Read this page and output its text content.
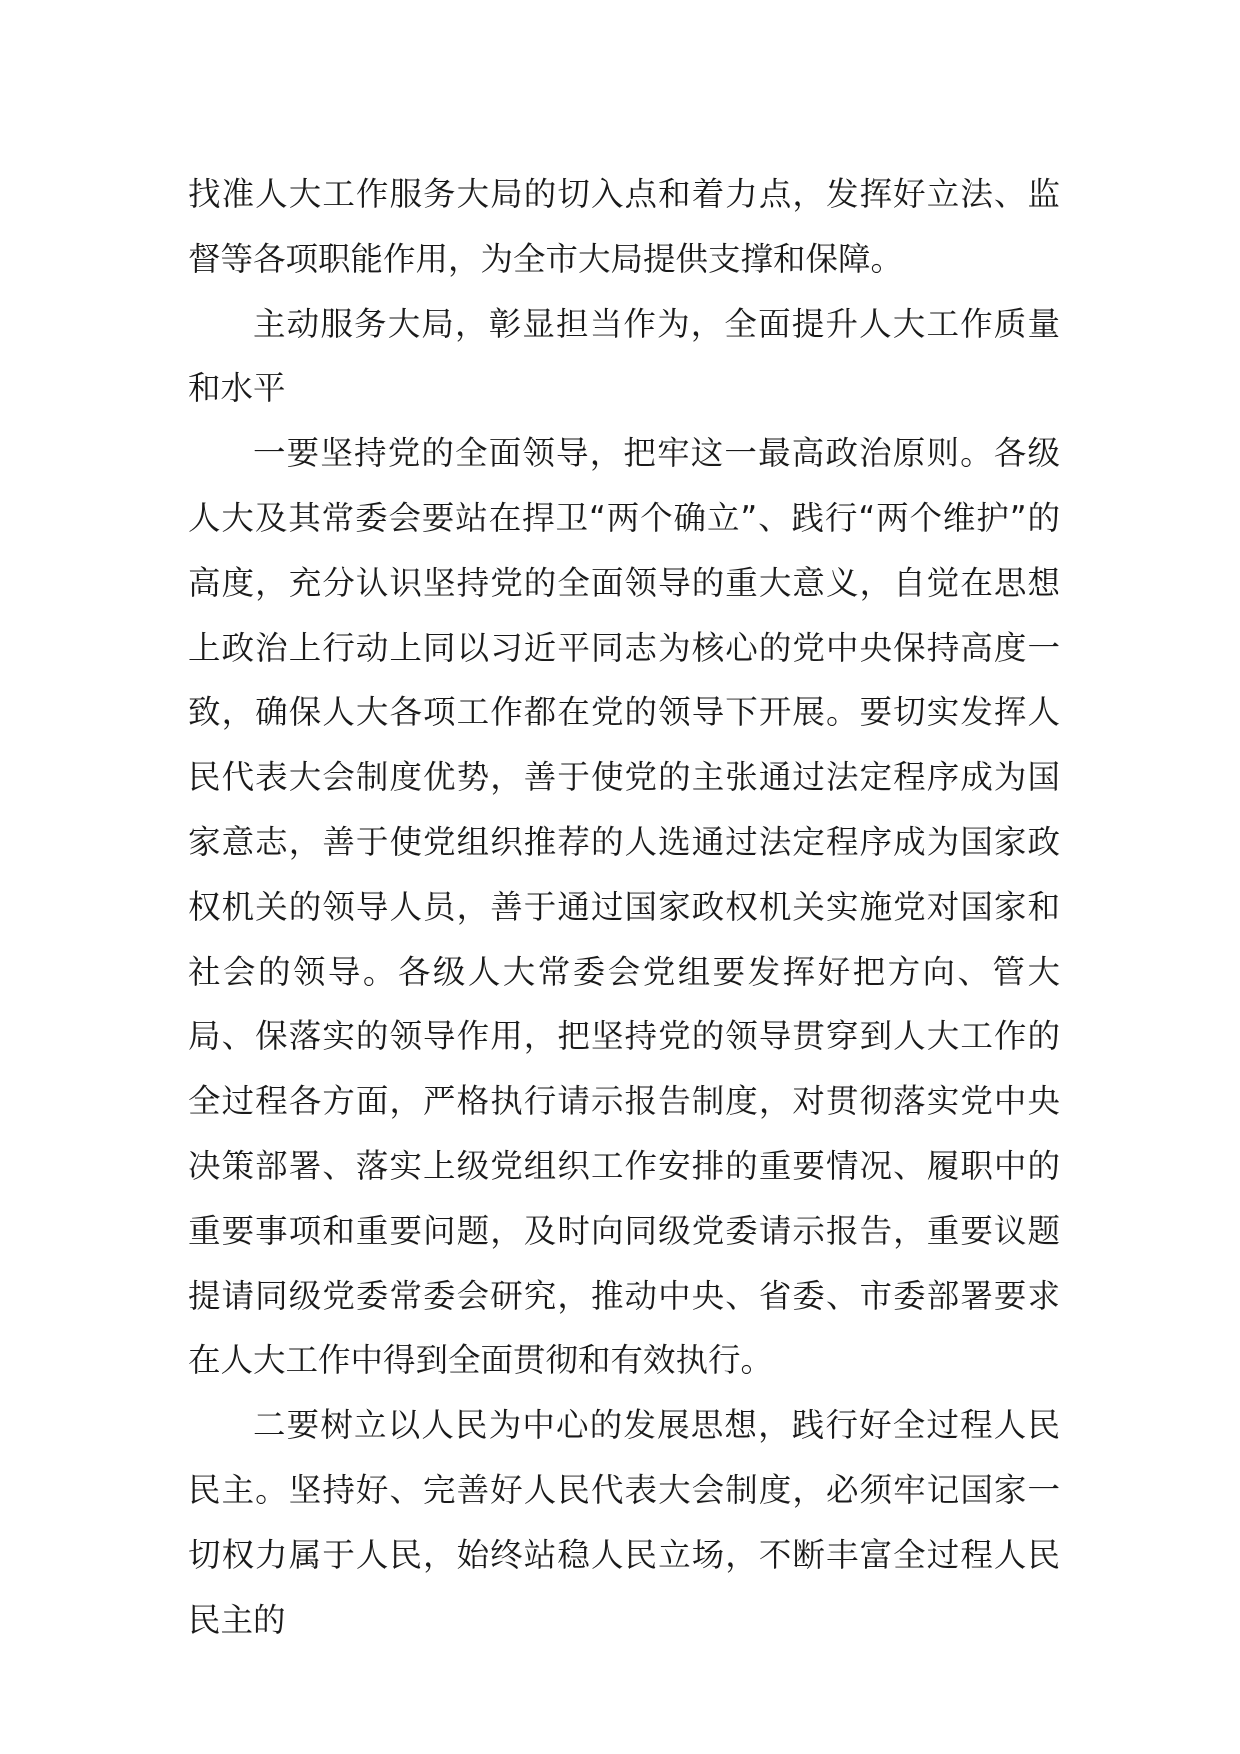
找准人大工作服务大局的切入点和着力点，发挥好立法、监督等各项职能作用，为全市大局提供支撑和保障。

主动服务大局，彰显担当作为，全面提升人大工作质量和水平

一要坚持党的全面领导，把牢这一最高政治原则。各级人大及其常委会要站在捍卫“两个确立”、践行“两个维护”的高度，充分认识坚持党的全面领导的重大意义，自觉在思想上政治上行动上同以习近平同志为核心的党中央保持高度一致，确保人大各项工作都在党的领导下开展。要切实发挥人民代表大会制度优势，善于使党的主张通过法定程序成为国家意志，善于使党组织推荐的人选通过法定程序成为国家政权机关的领导人员，善于通过国家政权机关实施党对国家和社会的领导。各级人大常委会党组要发挥好把方向、管大局、保落实的领导作用，把坚持党的领导贯穿到人大工作的全过程各方面，严格执行请示报告制度，对贯彻落实党中央决策部署、落实上级党组织工作安排的重要情况、履职中的重要事项和重要问题，及时向同级党委请示报告，重要议题提请同级党委常委会研究，推动中央、省委、市委部署要求在人大工作中得到全面贯彻和有效执行。

二要树立以人民为中心的发展思想，践行好全过程人民民主。坚持好、完善好人民代表大会制度，必须牢记国家一切权力属于人民，始终站稳人民立场，不断丰富全过程人民民主的
